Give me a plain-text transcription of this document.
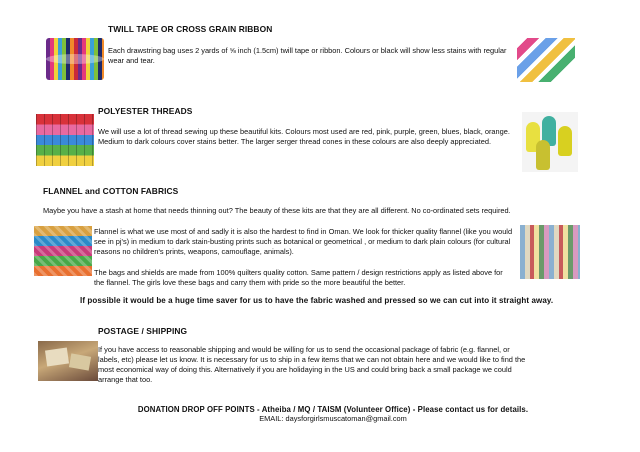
TWILL TAPE OR CROSS GRAIN RIBBON
Each drawstring bag uses 2 yards of ⅝ inch (1.5cm) twill tape or ribbon. Colours or black will show less stains with regular wear and tear.
POLYESTER THREADS
We will use a lot of thread sewing up these beautiful kits. Colours most used are red, pink, purple, green, blues, black, orange. Medium to dark colours cover stains better. The larger serger thread cones in these colours are also deeply appreciated.
FLANNEL and COTTON FABRICS
Maybe you have a stash at home that needs thinning out? The beauty of these kits are that they are all different. No co-ordinated sets required.
Flannel is what we use most of and sadly it is also the hardest to find in Oman. We look for thicker quality flannel (like you would see in pj's) in medium to dark stain-busting prints such as botanical or geometrical , or medium to dark plain colours (for cultural reasons no children's prints, weapons, camouflage, animals).
The bags and shields are made from 100% quilters quality cotton. Same pattern / design restrictions apply as listed above for the flannel. The girls love these bags and carry them with pride so the more beautiful the better.
If possible it would be a huge time saver for us to have the fabric washed and pressed so we can cut into it straight away.
POSTAGE / SHIPPING
If you have access to reasonable shipping and would be willing for us to send the occasional package of fabric (e.g. flannel, or labels, etc) please let us know. It is necessary for us to ship in a few items that we can not obtain here and we would like to find the most economical way of doing this. Alternatively if you are holidaying in the US and could bring back a small package we could arrange that too.
DONATION DROP OFF POINTS - Atheiba / MQ / TAISM (Volunteer Office) - Please contact us for details.
EMAIL: daysforgirlsmuscatoman@gmail.com
